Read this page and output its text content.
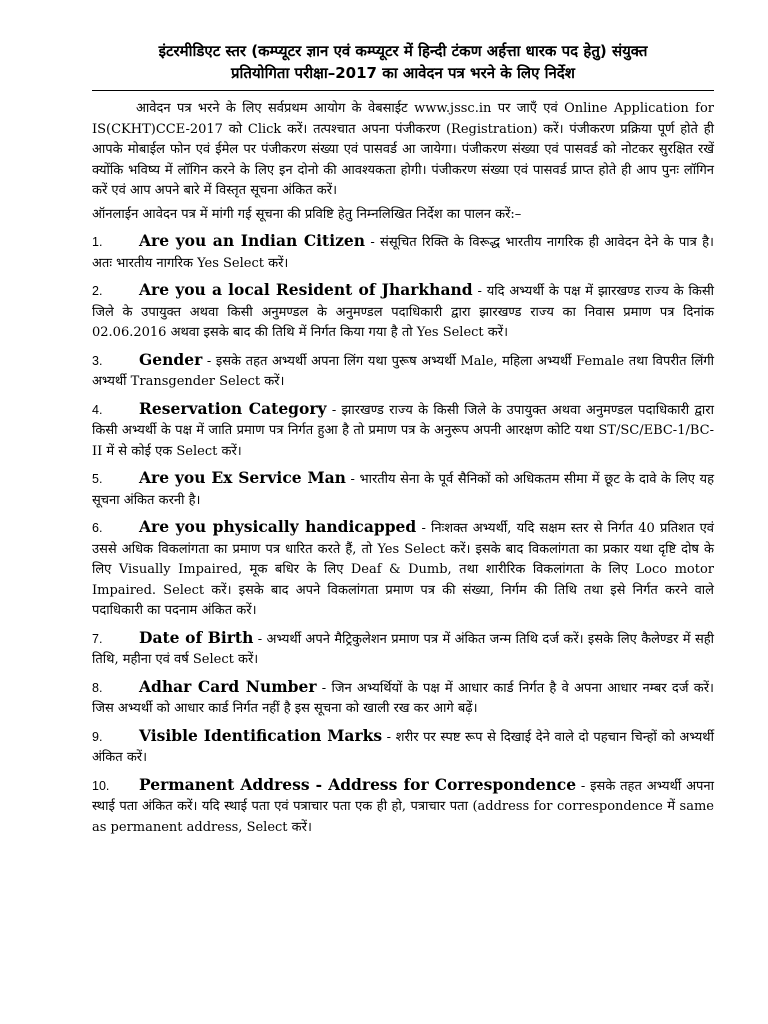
इंटरमीडिएट स्तर (कम्प्यूटर ज्ञान एवं कम्प्यूटर में हिन्दी टंकण अर्हत्ता धारक पद हेतु) संयुक्त
प्रतियोगिता परीक्षा–2017 का आवेदन पत्र भरने के लिए निर्देश

आवेदन पत्र भरने के लिए सर्वप्रथम आयोग के वेबसाईट www.jssc.in पर जाएँ एवं Online Application for IS(CKHT)CCE-2017 को Click करें। तत्पश्चात अपना पंजीकरण (Registration) करें। पंजीकरण प्रक्रिया पूर्ण होते ही आपके मोबाईल फोन एवं ईमेल पर पंजीकरण संख्या एवं पासवर्ड आ जायेगा। पंजीकरण संख्या एवं पासवर्ड को नोटकर सुरक्षित रखें क्योंकि भविष्य में लॉगिन करने के लिए इन दोनो की आवश्यकता होगी। पंजीकरण संख्या एवं पासवर्ड प्राप्त होते ही आप पुनः लॉगिन करें एवं आप अपने बारे में विस्तृत सूचना अंकित करें।

ऑनलाईन आवेदन पत्र में मांगी गई सूचना की प्रविष्टि हेतु निम्नलिखित निर्देश का पालन करें:–

1. Are you an Indian Citizen - संसूचित रिक्ति के विरूद्ध भारतीय नागरिक ही आवेदन देने के पात्र है। अतः भारतीय नागरिक Yes Select करें।
2. Are you a local Resident of Jharkhand - यदि अभ्यर्थी के पक्ष में झारखण्ड राज्य के किसी जिले के उपायुक्त अथवा किसी अनुमण्डल के अनुमण्डल पदाधिकारी द्वारा झारखण्ड राज्य का निवास प्रमाण पत्र दिनांक 02.06.2016 अथवा इसके बाद की तिथि में निर्गत किया गया है तो Yes Select करें।
3. Gender - इसके तहत अभ्यर्थी अपना लिंग यथा पुरूष अभ्यर्थी Male, महिला अभ्यर्थी Female तथा विपरीत लिंगी अभ्यर्थी Transgender Select करें।
4. Reservation Category - झारखण्ड राज्य के किसी जिले के उपायुक्त अथवा अनुमण्डल पदाधिकारी द्वारा किसी अभ्यर्थी के पक्ष में जाति प्रमाण पत्र निर्गत हुआ है तो प्रमाण पत्र के अनुरूप अपनी आरक्षण कोटि यथा ST/SC/EBC-1/BC-II में से कोई एक Select करें।
5. Are you Ex Service Man - भारतीय सेना के पूर्व सैनिकों को अधिकतम सीमा में छूट के दावे के लिए यह सूचना अंकित करनी है।
6. Are you physically handicapped - निःशक्त अभ्यर्थी, यदि सक्षम स्तर से निर्गत 40 प्रतिशत एवं उससे अधिक विकलांगता का प्रमाण पत्र धारित करते हैं, तो Yes Select करें। इसके बाद विकलांगता का प्रकार यथा दृष्टि दोष के लिए Visually Impaired, मूक बधिर के लिए Deaf & Dumb, तथा शारीरिक विकलांगता के लिए Loco motor Impaired. Select करें। इसके बाद अपने विकलांगता प्रमाण पत्र की संख्या, निर्गम की तिथि तथा इसे निर्गत करने वाले पदाधिकारी का पदनाम अंकित करें।
7. Date of Birth - अभ्यर्थी अपने मैट्रिकुलेशन प्रमाण पत्र में अंकित जन्म तिथि दर्ज करें। इसके लिए कैलेण्डर में सही तिथि, महीना एवं वर्ष Select करें।
8. Adhar Card Number - जिन अभ्यर्थियों के पक्ष में आधार कार्ड निर्गत है वे अपना आधार नम्बर दर्ज करें। जिस अभ्यर्थी को आधार कार्ड निर्गत नहीं है इस सूचना को खाली रख कर आगे बढ़ें।
9. Visible Identification Marks - शरीर पर स्पष्ट रूप से दिखाई देने वाले दो पहचान चिन्हों को अभ्यर्थी अंकित करें।
10. Permanent Address - Address for Correspondence - इसके तहत अभ्यर्थी अपना स्थाई पता अंकित करें। यदि स्थाई पता एवं पत्राचार पता एक ही हो, पत्राचार पता (address for correspondence में same as permanent address, Select करें।
